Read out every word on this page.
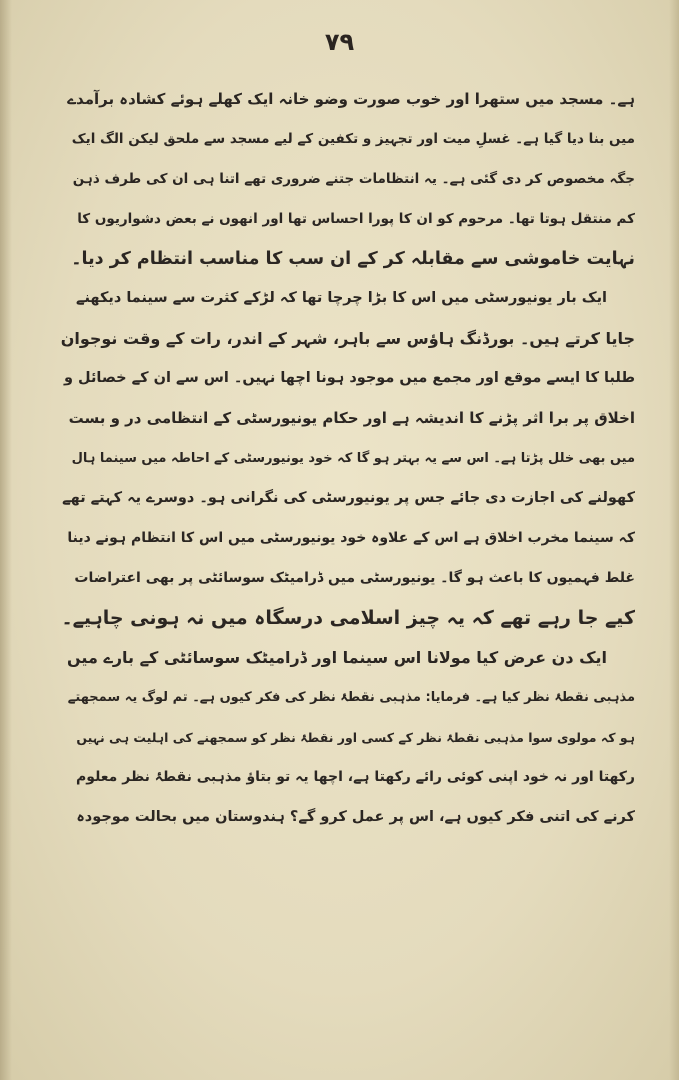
۷۹
ہے۔ مسجد میں ستھرا اور خوب صورت وضو خانہ ایک کھلے ہوئے کشادہ برآمدے
میں بنا دیا گیا ہے۔ غسلِ میت اور تجہیز و تکفین کے لیے مسجد سے ملحق لیکن الگ ایک
جگہ مخصوص کر دی گئی ہے۔ یہ انتظامات جتنے ضروری تھے اتنا ہی ان کی طرف ذہن
کم منتقل ہوتا تھا۔ مرحوم کو ان کا پورا احساس تھا اور انھوں نے بعض دشواریوں کا
نہایت خاموشی سے مقابلہ کر کے ان سب کا مناسب انتظام کر دیا۔
ایک بار یونیورسٹی میں اس کا بڑا چرچا تھا کہ لڑکے کثرت سے سینما دیکھنے
جایا کرتے ہیں۔ بورڈنگ ہاؤس سے باہر، شہر کے اندر، رات کے وقت نوجوان
طلبا کا ایسے موقع اور مجمع میں موجود ہونا اچھا نہیں۔ اس سے ان کے خصائل و
اخلاق پر برا اثر پڑنے کا اندیشہ ہے اور حکام یونیورسٹی کے انتظامی در و بست
میں بھی خلل پڑتا ہے۔ اس سے یہ بہتر ہو گا کہ خود یونیورسٹی کے احاطہ میں سینما ہال
کھولنے کی اجازت دی جائے جس پر یونیورسٹی کی نگرانی ہو۔ دوسرے یہ کہتے تھے
کہ سینما مخرب اخلاق ہے اس کے علاوہ خود یونیورسٹی میں اس کا انتظام ہونے دینا
غلط فہمیوں کا باعث ہو گا۔ یونیورسٹی میں ڈرامیٹک سوسائٹی پر بھی اعتراضات
کیے جا رہے تھے کہ یہ چیز اسلامی درسگاہ میں نہ ہونی چاہیے۔
ایک دن عرض کیا مولانا اس سینما اور ڈرامیٹک سوسائٹی کے بارے میں
مذہبی نقطۂ نظر کیا ہے۔ فرمایا: مذہبی نقطۂ نظر کی فکر کیوں ہے۔ تم لوگ یہ سمجھتے
ہو کہ مولوی سوا مذہبی نقطۂ نظر کے کسی اور نقطۂ نظر کو سمجھنے کی اہلیت ہی نہیں
رکھتا اور نہ خود اپنی کوئی رائے رکھتا ہے، اچھا یہ تو بتاؤ مذہبی نقطۂ نظر معلوم
کرنے کی اتنی فکر کیوں ہے، اس پر عمل کرو گے؟ ہندوستان میں بحالت موجودہ
